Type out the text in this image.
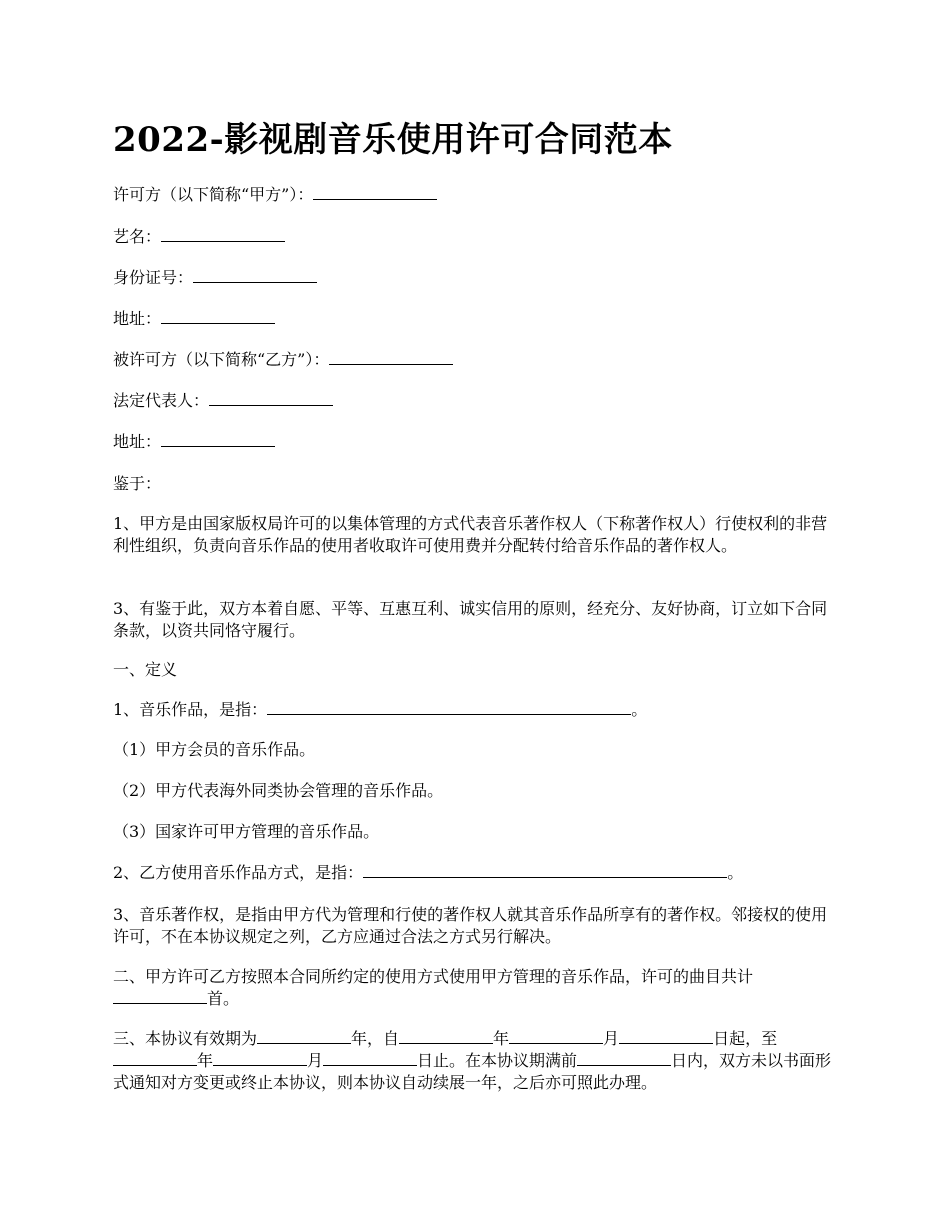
2022-影视剧音乐使用许可合同范本
许可方（以下简称“甲方”）：
艺名：
身份证号：
地址：
被许可方（以下简称“乙方”）：
法定代表人：
地址：
鉴于：
1、甲方是由国家版权局许可的以集体管理的方式代表音乐著作权人（下称著作权人）行使权利的非营利性组织，负责向音乐作品的使用者收取许可使用费并分配转付给音乐作品的著作权人。
3、有鉴于此，双方本着自愿、平等、互惠互利、诚实信用的原则，经充分、友好协商，订立如下合同条款，以资共同恪守履行。
一、定义
1、音乐作品，是指：	。
（1）甲方会员的音乐作品。
（2）甲方代表海外同类协会管理的音乐作品。
（3）国家许可甲方管理的音乐作品。
2、乙方使用音乐作品方式，是指：	。
3、音乐著作权，是指由甲方代为管理和行使的著作权人就其音乐作品所享有的著作权。邻接权的使用许可，不在本协议规定之列，乙方应通过合法之方式另行解决。
二、甲方许可乙方按照本合同所约定的使用方式使用甲方管理的音乐作品，许可的曲目共计首。
三、本协议有效期为	年，自	年	月	日起，至年	月	日止。在本协议期满前	日内，双方未以书面形式通知对方变更或终止本协议，则本协议自动续展一年，之后亦可照此办理。
